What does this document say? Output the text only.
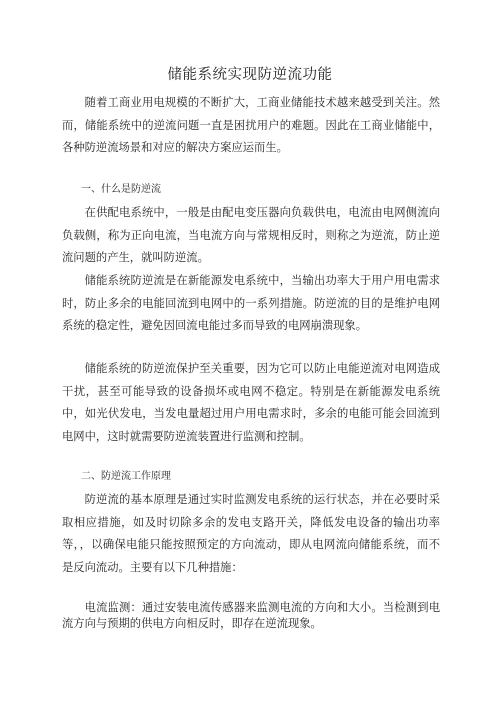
储能系统实现防逆流功能

随着工商业用电规模的不断扩大，工商业储能技术越来越受到关注。然而，储能系统中的逆流问题一直是困扰用户的难题。因此在工商业储能中，各种防逆流场景和对应的解决方案应运而生。

一、什么是防逆流

在供配电系统中，一般是由配电变压器向负载供电，电流由电网侧流向负载侧，称为正向电流，当电流方向与常规相反时，则称之为逆流，防止逆流问题的产生，就叫防逆流。

储能系统防逆流是在新能源发电系统中，当输出功率大于用户用电需求时，防止多余的电能回流到电网中的一系列措施。防逆流的目的是维护电网系统的稳定性，避免因回流电能过多而导致的电网崩溃现象。

储能系统的防逆流保护至关重要，因为它可以防止电能逆流对电网造成干扰，甚至可能导致的设备损坏或电网不稳定。特别是在新能源发电系统中，如光伏发电，当发电量超过用户用电需求时，多余的电能可能会回流到电网中，这时就需要防逆流装置进行监测和控制。

二、防逆流工作原理

防逆流的基本原理是通过实时监测发电系统的运行状态，并在必要时采取相应措施，如及时切除多余的发电支路开关，降低发电设备的输出功率等，，以确保电能只能按照预定的方向流动，即从电网流向储能系统，而不是反向流动。主要有以下几种措施：

电流监测：通过安装电流传感器来监测电流的方向和大小。当检测到电流方向与预期的供电方向相反时，即存在逆流现象。
